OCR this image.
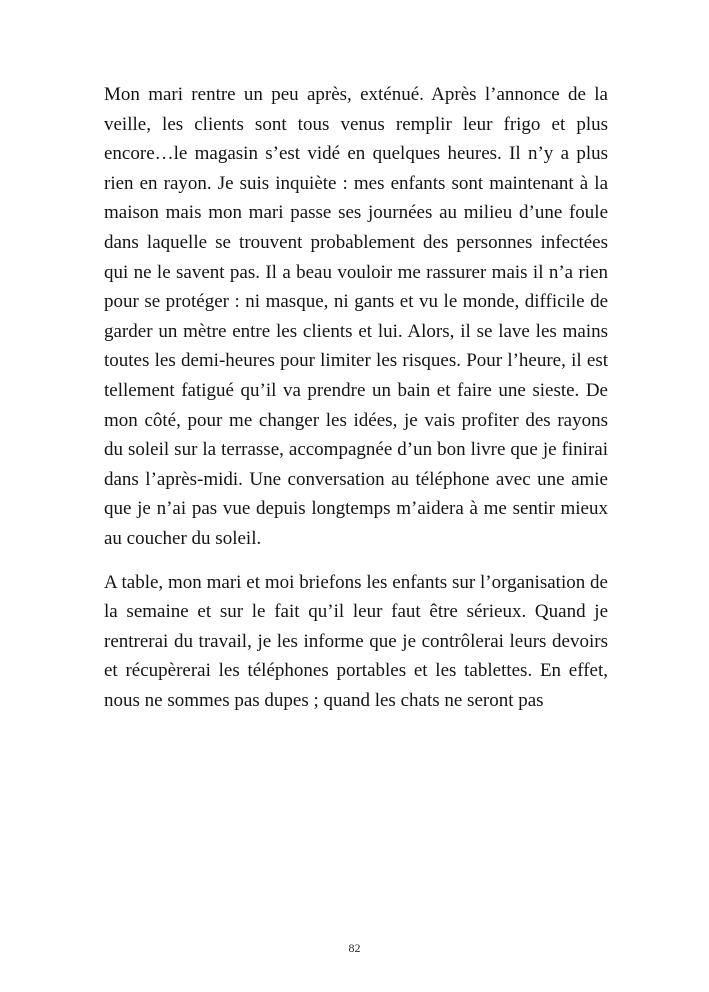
Mon mari rentre un peu après, exténué. Après l’annonce de la veille, les clients sont tous venus remplir leur frigo et plus encore…le magasin s’est vidé en quelques heures. Il n’y a plus rien en rayon. Je suis inquiète : mes enfants sont maintenant à la maison mais mon mari passe ses journées au milieu d’une foule dans laquelle se trouvent probablement des personnes infectées qui ne le savent pas. Il a beau vouloir me rassurer mais il n’a rien pour se protéger : ni masque, ni gants et vu le monde, difficile de garder un mètre entre les clients et lui. Alors, il se lave les mains toutes les demi-heures pour limiter les risques. Pour l’heure, il est tellement fatigué qu’il va prendre un bain et faire une sieste. De mon côté, pour me changer les idées, je vais profiter des rayons du soleil sur la terrasse, accompagnée d’un bon livre que je finirai dans l’après-midi. Une conversation au téléphone avec une amie que je n’ai pas vue depuis longtemps m’aidera à me sentir mieux au coucher du soleil.

A table, mon mari et moi briefons les enfants sur l’organisation de la semaine et sur le fait qu’il leur faut être sérieux. Quand je rentrerai du travail, je les informe que je contrôlerai leurs devoirs et récupèrerai les téléphones portables et les tablettes. En effet, nous ne sommes pas dupes ; quand les chats ne seront pas

82
